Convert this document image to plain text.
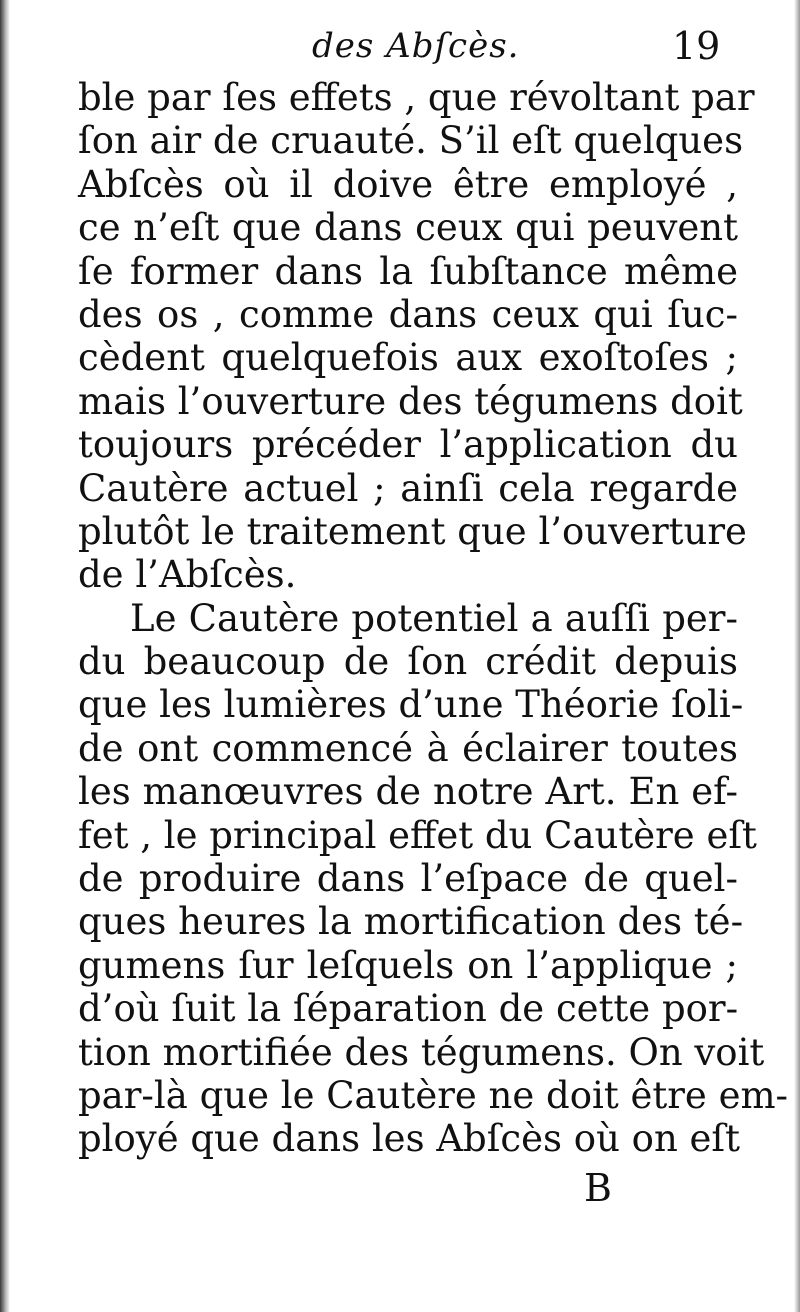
des Abſcès.	19
ble par ſes effets , que révoltant par
ſon air de cruauté. S’il eſt quelques
Abſcès où il doive être employé ,
ce n’eſt que dans ceux qui peuvent
ſe former dans la ſubſtance même
des os , comme dans ceux qui ſuc-
cèdent quelquefois aux exoſtoſes ;
mais l’ouverture des tégumens doit
toujours précéder l’application du
Cautère actuel ; ainſi cela regarde
plutôt le traitement que l’ouverture
de l’Abſcès.
Le Cautère potentiel a auſſi per-
du beaucoup de ſon crédit depuis
que les lumières d’une Théorie ſoli-
de ont commencé à éclairer toutes
les manœuvres de notre Art. En ef-
fet , le principal effet du Cautère eſt
de produire dans l’eſpace de quel-
ques heures la mortification des té-
gumens ſur leſquels on l’applique ;
d’où ſuit la ſéparation de cette por-
tion mortifiée des tégumens. On voit
par-là que le Cautère ne doit être em-
ployé que dans les Abſcès où on eſt
B
